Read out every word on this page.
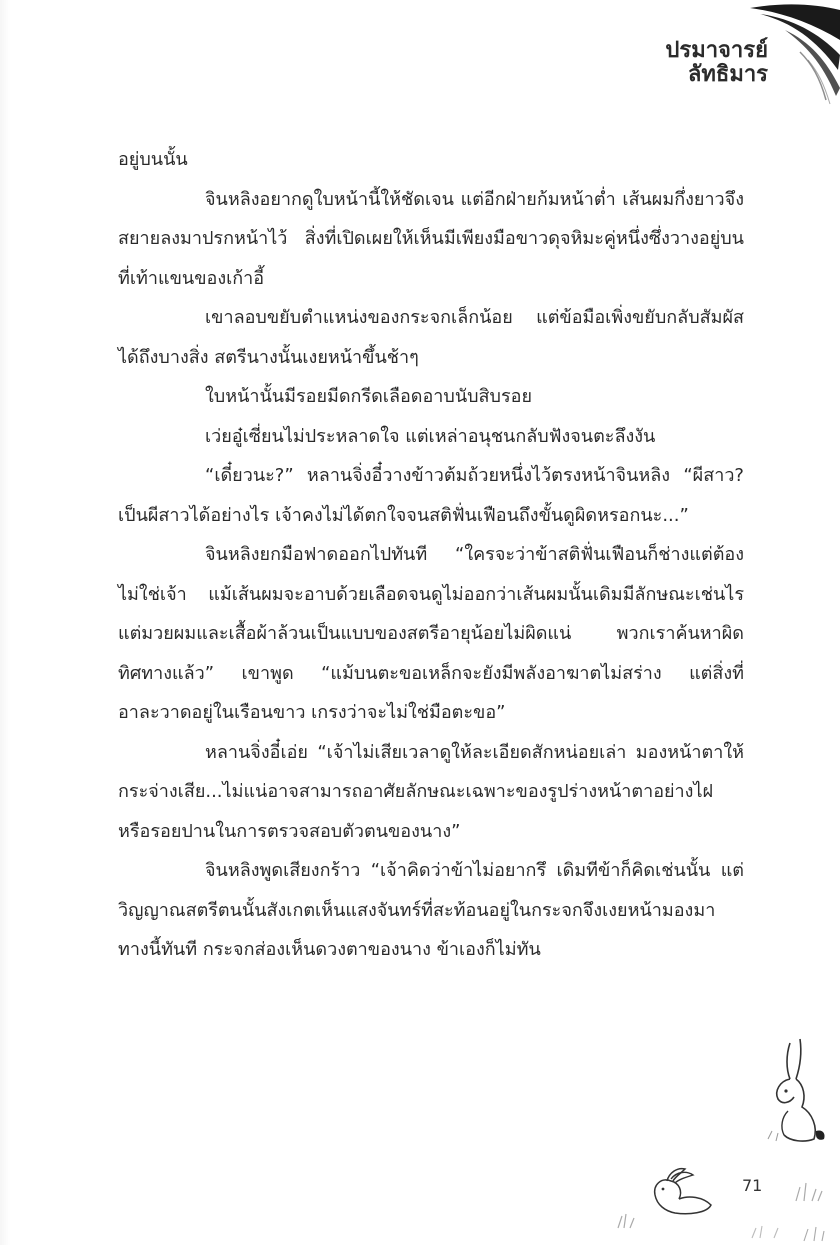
ปรมาจารย์
ลัทธิมาร

อยู่บนนั้น

จินหลิงอยากดูใบหน้านี้ให้ชัดเจน แต่อีกฝ่ายก้มหน้าต่ำ เส้นผมกึ่งยาวจึงสยายลงมาปรกหน้าไว้ สิ่งที่เปิดเผยให้เห็นมีเพียงมือขาวดุจหิมะคู่หนึ่งซึ่งวางอยู่บนที่เท้าแขนของเก้าอี้

เขาลอบขยับตำแหน่งของกระจกเล็กน้อย แต่ข้อมือเพิ่งขยับกลับสัมผัสได้ถึงบางสิ่ง สตรีนางนั้นเงยหน้าขึ้นช้าๆ

ใบหน้านั้นมีรอยมีดกรีดเลือดอาบนับสิบรอย

เว่ยอู๋เซี่ยนไม่ประหลาดใจ แต่เหล่าอนุชนกลับฟังจนตะลึงงัน

“เดี๋ยวนะ?” หลานจิ่งอี๋วางข้าวต้มถ้วยหนึ่งไว้ตรงหน้าจินหลิง “ผีสาว? เป็นผีสาวได้อย่างไร เจ้าคงไม่ได้ตกใจจนสติฟั่นเฟือนถึงขั้นดูผิดหรอกนะ...”

จินหลิงยกมือฟาดออกไปทันที “ใครจะว่าข้าสติฟั่นเฟือนก็ช่างแต่ต้องไม่ใช่เจ้า แม้เส้นผมจะอาบด้วยเลือดจนดูไม่ออกว่าเส้นผมนั้นเดิมมีลักษณะเช่นไร แต่มวยผมและเสื้อผ้าล้วนเป็นแบบของสตรีอายุน้อยไม่ผิดแน่ พวกเราค้นหาผิดทิศทางแล้ว” เขาพูด “แม้บนตะขอเหล็กจะยังมีพลังอาฆาตไม่สร่าง แต่สิ่งที่อาละวาดอยู่ในเรือนขาว เกรงว่าจะไม่ใช่มือตะขอ”

หลานจิ่งอี๋เอ่ย “เจ้าไม่เสียเวลาดูให้ละเอียดสักหน่อยเล่า มองหน้าตาให้กระจ่างเสีย...ไม่แน่อาจสามารถอาศัยลักษณะเฉพาะของรูปร่างหน้าตาอย่างไฝหรือรอยปานในการตรวจสอบตัวตนของนาง”

จินหลิงพูดเสียงกร้าว “เจ้าคิดว่าข้าไม่อยากรึ เดิมทีข้าก็คิดเช่นนั้น แต่วิญญาณสตรีตนนั้นสังเกตเห็นแสงจันทร์ที่สะท้อนอยู่ในกระจกจึงเงยหน้ามองมาทางนี้ทันที กระจกส่องเห็นดวงตาของนาง ข้าเองก็ไม่ทัน

71
